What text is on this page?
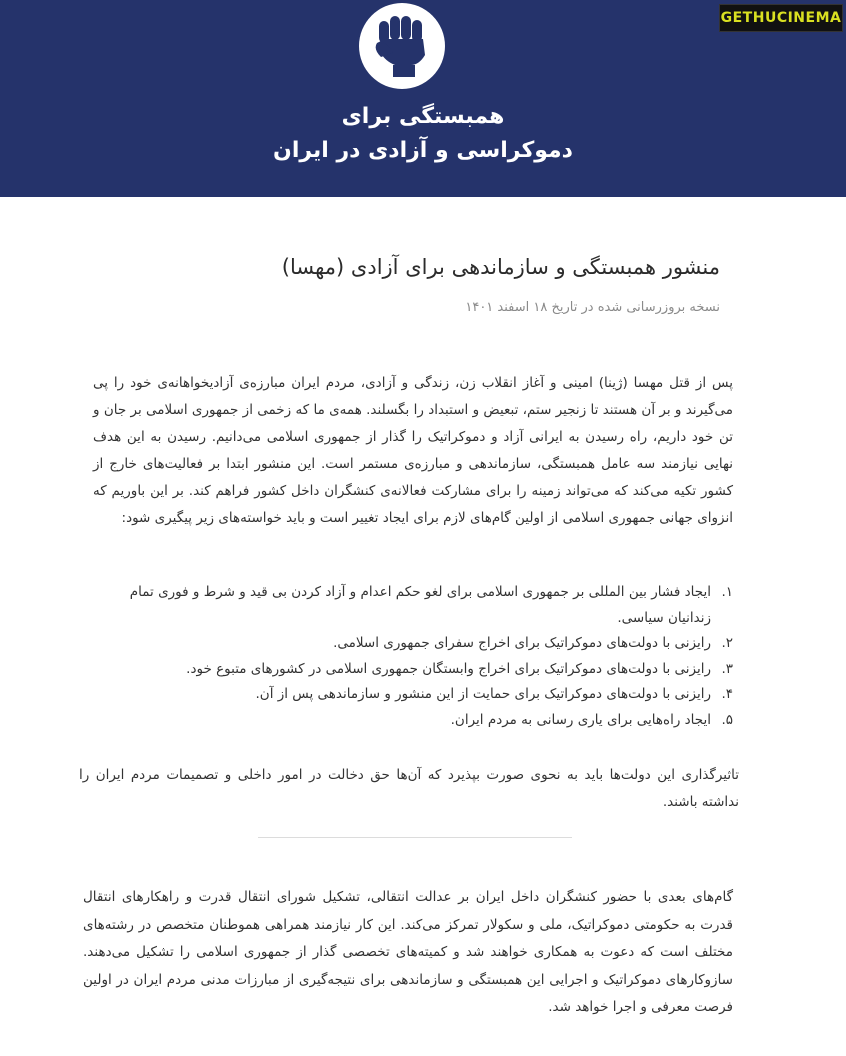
همبستگی برای
دموکراسی و آزادی در ایران
GETHU CINEMA
منشور همبستگی و سازماندهی برای آزادی (مهسا)
نسخه بروزرسانی شده در تاریخ ۱۸ اسفند ۱۴۰۱
پس از قتل مهسا (ژینا) امینی و آغاز انقلاب زن، زندگی و آزادی، مردم ایران مبارزه‌ی آزادیخواهانه‌ی خود را پی می‌گیرند و بر آن هستند تا زنجیر ستم، تبعیض و استبداد را بگسلند. همه‌ی ما که زخمی از جمهوری اسلامی بر جان و تن خود داریم، راه رسیدن به ایرانی آزاد و دموکراتیک را گذار از جمهوری اسلامی می‌دانیم. رسیدن به این هدف نهایی نیازمند سه عامل همبستگی، سازماندهی و مبارزه‌ی مستمر است. این منشور ابتدا بر فعالیت‌های خارج از کشور تکیه می‌کند که می‌تواند زمینه را برای مشارکت فعالانه‌ی کنشگران داخل کشور فراهم کند. بر این باوریم که انزوای جهانی جمهوری اسلامی از اولین گام‌های لازم برای ایجاد تغییر است و باید خواسته‌های زیر پیگیری شود:
۱.
ایجاد فشار بین المللی بر جمهوری اسلامی برای لغو حکم اعدام و آزاد کردن بی قید و شرط و فوری تمام زندانیان سیاسی.
۲.
رایزنی با دولت‌های دموکراتیک برای اخراج سفرای جمهوری اسلامی.
۳.
رایزنی با دولت‌های دموکراتیک برای اخراج وابستگان جمهوری اسلامی در کشورهای متبوع خود.
۴.
رایزنی با دولت‌های دموکراتیک برای حمایت از این منشور و سازماندهی پس از آن.
۵.
ایجاد راه‌هایی برای یاری رسانی به مردم ایران.
تاثیرگذاری این دولت‌ها باید به نحوی صورت بپذیرد که آن‌ها حق دخالت در امور داخلی و تصمیمات مردم ایران را نداشته باشند.
گام‌های بعدی با حضور کنشگران داخل ایران بر عدالت انتقالی، تشکیل شورای انتقال قدرت و راهکارهای انتقال قدرت به حکومتی دموکراتیک، ملی و سکولار تمرکز می‌کند. این کار نیازمند همراهی هموطنان متخصص در رشته‌های مختلف است که دعوت به همکاری خواهند شد و کمیته‌های تخصصی گذار از جمهوری اسلامی را تشکیل می‌دهند. سازوکارهای دموکراتیک و اجرایی این همبستگی و سازماندهی برای نتیجه‌گیری از مبارزات مدنی مردم ایران در اولین فرصت معرفی و اجرا خواهد شد.
